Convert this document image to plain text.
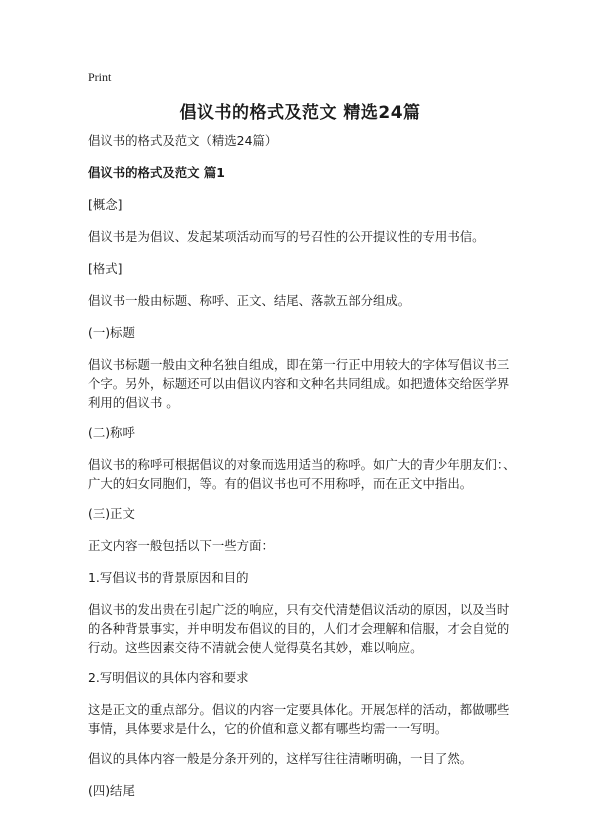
Print
倡议书的格式及范文 精选24篇

倡议书的格式及范文（精选24篇）

倡议书的格式及范文 篇1

[概念]

倡议书是为倡议、发起某项活动而写的号召性的公开提议性的专用书信。

[格式]

倡议书一般由标题、称呼、正文、结尾、落款五部分组成。

(一)标题

倡议书标题一般由文种名独自组成，即在第一行正中用较大的字体写倡议书三个字。另外，标题还可以由倡议内容和文种名共同组成。如把遗体交给医学界利用的倡议书 。

(二)称呼

倡议书的称呼可根据倡议的对象而选用适当的称呼。如广大的青少年朋友们：、广大的妇女同胞们，等。有的倡议书也可不用称呼，而在正文中指出。

(三)正文

正文内容一般包括以下一些方面：

1.写倡议书的背景原因和目的

倡议书的发出贵在引起广泛的响应，只有交代清楚倡议活动的原因，以及当时的各种背景事实，并申明发布倡议的目的，人们才会理解和信服，才会自觉的行动。这些因素交待不清就会使人觉得莫名其妙，难以响应。

2.写明倡议的具体内容和要求

这是正文的重点部分。倡议的内容一定要具体化。开展怎样的活动，都做哪些事情，具体要求是什么，它的价值和意义都有哪些均需一一写明。

倡议的具体内容一般是分条开列的，这样写往往清晰明确，一目了然。

(四)结尾
